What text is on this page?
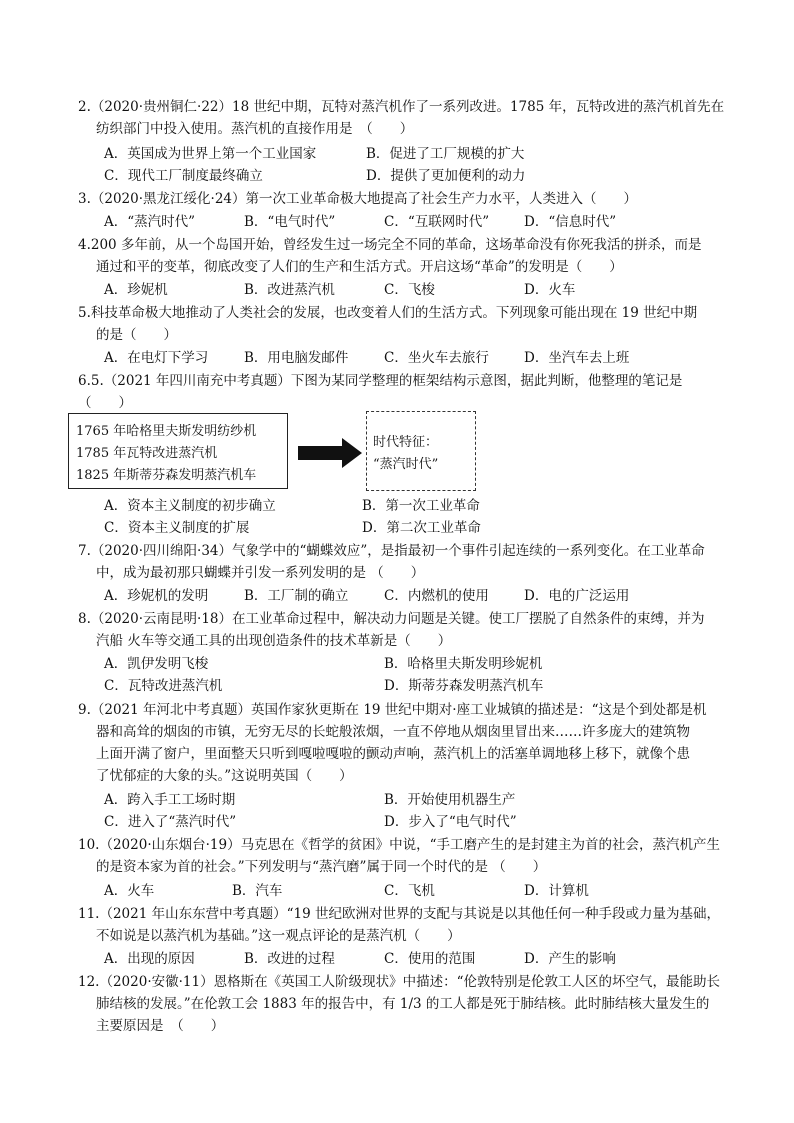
2.（2020·贵州铜仁·22）18 世纪中期，瓦特对蒸汽机作了一系列改进。1785 年，瓦特改进的蒸汽机首先在
纺织部门中投入使用。蒸汽机的直接作用是　（　　）
A．英国成为世界上第一个工业国家	B．促进了工厂规模的扩大
C．现代工厂制度最终确立	D．提供了更加便利的动力
3.（2020·黑龙江绥化·24）第一次工业革命极大地提高了社会生产力水平，人类进入（　　）
A．“蒸汽时代”	B．“电气时代”	C．“互联网时代”	D．“信息时代”
4.200 多年前，从一个岛国开始，曾经发生过一场完全不同的革命，这场革命没有你死我活的拼杀，而是
通过和平的变革，彻底改变了人们的生产和生活方式。开启这场“革命”的发明是（　　）
A．珍妮机	B．改进蒸汽机	C．飞梭	D．火车
5.科技革命极大地推动了人类社会的发展，也改变着人们的生活方式。下列现象可能出现在 19 世纪中期
的是（　　）
A．在电灯下学习	B．用电脑发邮件	C．坐火车去旅行	D．坐汽车去上班
6.5.（2021 年四川南充中考真题）下图为某同学整理的框架结构示意图，据此判断，他整理的笔记是
（　　）
1765 年哈格里夫斯发明纺纱机
1785 年瓦特改进蒸汽机
1825 年斯蒂芬森发明蒸汽机车
时代特征：
“蒸汽时代”
A．资本主义制度的初步确立	B．第一次工业革命
C．资本主义制度的扩展	D．第二次工业革命
7.（2020·四川绵阳·34）气象学中的“蝴蝶效应”，是指最初一个事件引起连续的一系列变化。在工业革命
中，成为最初那只蝴蝶并引发一系列发明的是 （　　）
A．珍妮机的发明	B．工厂制的确立	C．内燃机的使用	D．电的广泛运用
8.（2020·云南昆明·18）在工业革命过程中，解决动力问题是关键。使工厂摆脱了自然条件的束缚，并为
汽船 火车等交通工具的出现创造条件的技术革新是（　　）
A．凯伊发明飞梭	B．哈格里夫斯发明珍妮机
C．瓦特改进蒸汽机	D．斯蒂芬森发明蒸汽机车
9.（2021 年河北中考真题）英国作家狄更斯在 19 世纪中期对·座工业城镇的描述是：“这是个到处都是机
器和高耸的烟囱的市镇，无穷无尽的长蛇般浓烟，一直不停地从烟囱里冒出来……许多庞大的建筑物
上面开满了窗户，里面整天只听到嘎啦嘎啦的颤动声响，蒸汽机上的活塞单调地移上移下，就像个患
了忧郁症的大象的头。”这说明英国（　　）
A．跨入手工工场时期	B．开始使用机器生产
C．进入了“蒸汽时代”	D．步入了“电气时代”
10.（2020·山东烟台·19）马克思在《哲学的贫困》中说，“手工磨产生的是封建主为首的社会，蒸汽机产生
的是资本家为首的社会。”下列发明与“蒸汽磨”属于同一个时代的是 （　　）
A．火车	B．汽车	C．飞机	D．计算机
11.（2021 年山东东营中考真题）“19 世纪欧洲对世界的支配与其说是以其他任何一种手段或力量为基础，
不如说是以蒸汽机为基础。”这一观点评论的是蒸汽机（　　）
A．出现的原因	B．改进的过程	C．使用的范围	D．产生的影响
12.（2020·安徽·11）恩格斯在《英国工人阶级现状》中描述：“伦敦特别是伦敦工人区的坏空气，最能助长
肺结核的发展。”在伦敦工会 1883 年的报告中，有 1/3 的工人都是死于肺结核。此时肺结核大量发生的
主要原因是　（　　）
